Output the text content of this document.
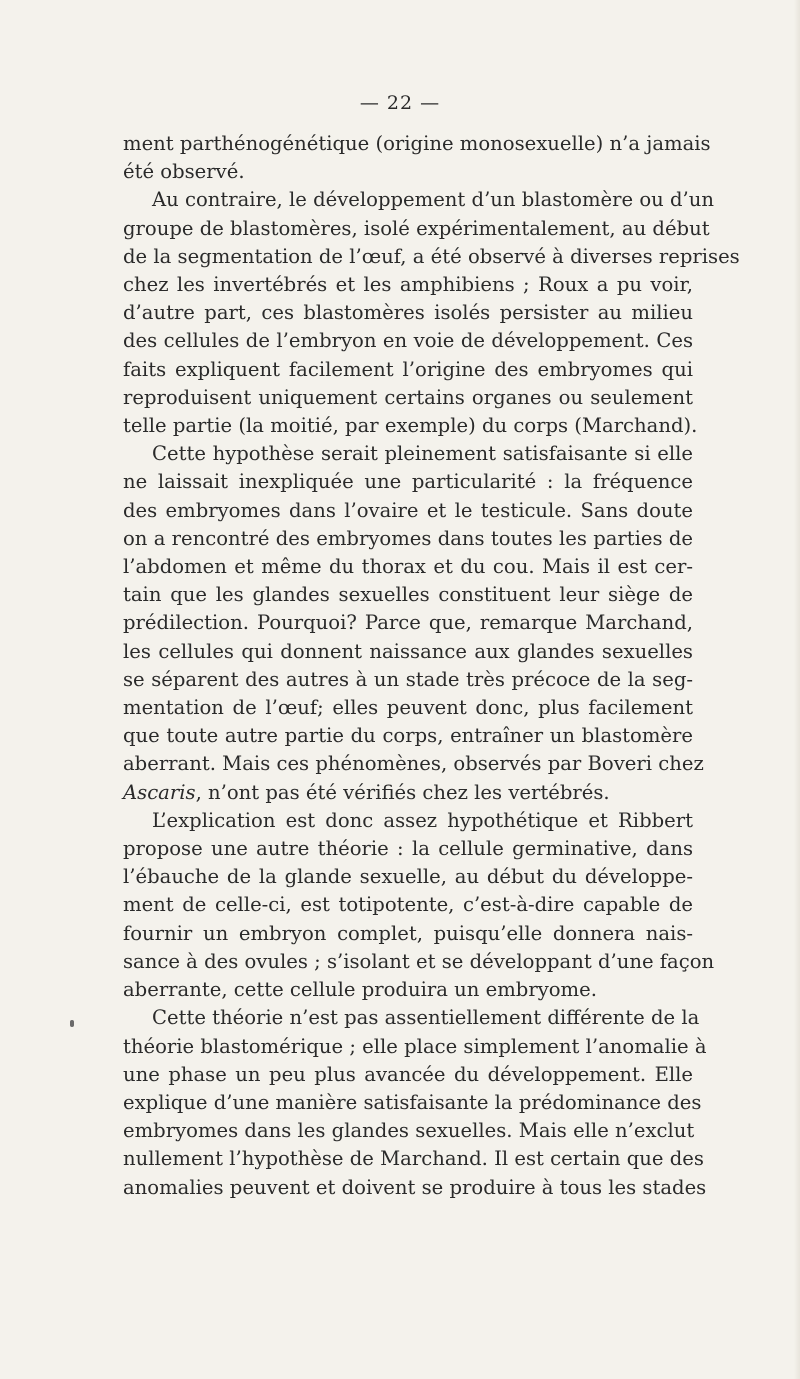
— 22 —
ment parthénogénétique (origine monosexuelle) n’a jamais
été observé.
Au contraire, le développement d’un blastomère ou d’un
groupe de blastomères, isolé expérimentalement, au début
de la segmentation de l’œuf, a été observé à diverses reprises
chez les invertébrés et les amphibiens ; Roux a pu voir,
d’autre part, ces blastomères isolés persister au milieu
des cellules de l’embryon en voie de développement. Ces
faits expliquent facilement l’origine des embryomes qui
reproduisent uniquement certains organes ou seulement
telle partie (la moitié, par exemple) du corps (Marchand).
Cette hypothèse serait pleinement satisfaisante si elle
ne laissait inexpliquée une particularité : la fréquence
des embryomes dans l’ovaire et le testicule. Sans doute
on a rencontré des embryomes dans toutes les parties de
l’abdomen et même du thorax et du cou. Mais il est cer-
tain que les glandes sexuelles constituent leur siège de
prédilection. Pourquoi? Parce que, remarque Marchand,
les cellules qui donnent naissance aux glandes sexuelles
se séparent des autres à un stade très précoce de la seg-
mentation de l’œuf; elles peuvent donc, plus facilement
que toute autre partie du corps, entraîner un blastomère
aberrant. Mais ces phénomènes, observés par Boveri chez
Ascaris, n’ont pas été vérifiés chez les vertébrés.
L’explication est donc assez hypothétique et Ribbert
propose une autre théorie : la cellule germinative, dans
l’ébauche de la glande sexuelle, au début du développe-
ment de celle-ci, est totipotente, c’est-à-dire capable de
fournir un embryon complet, puisqu’elle donnera nais-
sance à des ovules ; s’isolant et se développant d’une façon
aberrante, cette cellule produira un embryome.
Cette théorie n’est pas assentiellement différente de la
théorie blastomérique ; elle place simplement l’anomalie à
une phase un peu plus avancée du développement. Elle
explique d’une manière satisfaisante la prédominance des
embryomes dans les glandes sexuelles. Mais elle n’exclut
nullement l’hypothèse de Marchand. Il est certain que des
anomalies peuvent et doivent se produire à tous les stades
